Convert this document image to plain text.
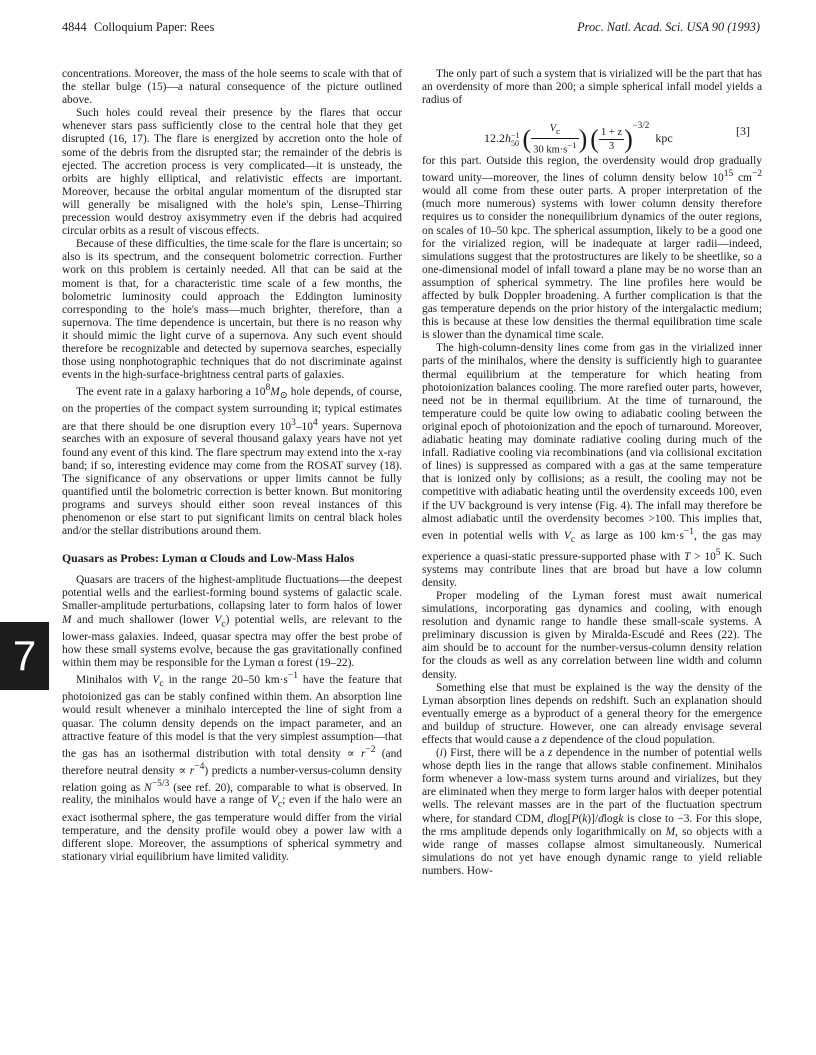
4844 Colloquium Paper: Rees	Proc. Natl. Acad. Sci. USA 90 (1993)
7

concentrations. Moreover, the mass of the hole seems to scale with that of the stellar bulge (15)—a natural consequence of the picture outlined above.

Such holes could reveal their presence by the flares that occur whenever stars pass sufficiently close to the central hole that they get disrupted (16, 17). The flare is energized by accretion onto the hole of some of the debris from the disrupted star; the remainder of the debris is ejected. The accretion process is very complicated—it is unsteady, the orbits are highly elliptical, and relativistic effects are important. Moreover, because the orbital angular momentum of the disrupted star will generally be misaligned with the hole's spin, Lense–Thirring precession would destroy axisymmetry even if the debris had acquired circular orbits as a result of viscous effects.

Because of these difficulties, the time scale for the flare is uncertain; so also is its spectrum, and the consequent bolometric correction. Further work on this problem is certainly needed. All that can be said at the moment is that, for a characteristic time scale of a few months, the bolometric luminosity could approach the Eddington luminosity corresponding to the hole's mass—much brighter, therefore, than a supernova. The time dependence is uncertain, but there is no reason why it should mimic the light curve of a supernova. Any such event should therefore be recognizable and detected by supernova searches, especially those using nonphotographic techniques that do not discriminate against events in the high-surface-brightness central parts of galaxies.

The event rate in a galaxy harboring a $10^8M_⊙$ hole depends, of course, on the properties of the compact system surrounding it; typical estimates are that there should be one disruption every $10^3-10^4$ years. Supernova searches with an exposure of several thousand galaxy years have not yet found any event of this kind. The flare spectrum may extend into the x-ray band; if so, interesting evidence may come from the ROSAT survey (18). The significance of any observations or upper limits cannot be fully quantified until the bolometric correction is better known. But monitoring programs and surveys should either soon reveal instances of this phenomenon or else start to put significant limits on central black holes and/or the stellar distributions around them.

Quasars as Probes: Lyman α Clouds and Low-Mass Halos

Quasars are tracers of the highest-amplitude fluctuations—the deepest potential wells and the earliest-forming bound systems of galactic scale. Smaller-amplitude perturbations, collapsing later to form halos of lower M and much shallower (lower $V_c$) potential wells, are relevant to the lower-mass galaxies. Indeed, quasar spectra may offer the best probe of how these small systems evolve, because the gas gravitationally confined within them may be responsible for the Lyman α forest (19–22).

Minihalos with $V_c$ in the range 20–50 $km\cdot s^{-1}$ have the feature that photoionized gas can be stably confined within them. An absorption line would result whenever a minihalo intercepted the line of sight from a quasar. The column density depends on the impact parameter, and an attractive feature of this model is that the very simplest assumption—that the gas has an isothermal distribution with total density ∝ $r^{-2}$ (and therefore neutral density ∝ $r^{-4}$) predicts a number-versus-column density relation going as $N^{-5/3}$ (see ref. 20), comparable to what is observed. In reality, the minihalos would have a range of $V_c$; even if the halo were an exact isothermal sphere, the gas temperature would differ from the virial temperature, and the density profile would obey a power law with a different slope. Moreover, the assumptions of spherical symmetry and stationary virial equilibrium have limited validity.

The only part of such a system that is virialized will be the part that has an overdensity of more than 200; a simple spherical infall model yields a radius of

12.2h −1
50 ( $\frac{V_c}{30 km\cdot s^{-1}}$ ) ( $\frac{1 + z}{3} )^{-3/2}$  kpc	[3]

for this part. Outside this region, the overdensity would drop gradually toward unity—moreover, the lines of column density below $10^{15}$ $cm^{-2}$ would all come from these outer parts. A proper interpretation of the (much more numerous) systems with lower column density therefore requires us to consider the nonequilibrium dynamics of the outer regions, on scales of 10–50 kpc. The spherical assumption, likely to be a good one for the virialized region, will be inadequate at larger radii—indeed, simulations suggest that the protostructures are likely to be sheetlike, so a one-dimensional model of infall toward a plane may be no worse than an assumption of spherical symmetry. The line profiles here would be affected by bulk Doppler broadening. A further complication is that the gas temperature depends on the prior history of the intergalactic medium; this is because at these low densities the thermal equilibration time scale is slower than the dynamical time scale.

The high-column-density lines come from gas in the virialized inner parts of the minihalos, where the density is sufficiently high to guarantee thermal equilibrium at the temperature for which heating from photoionization balances cooling. The more rarefied outer parts, however, need not be in thermal equilibrium. At the time of turnaround, the temperature could be quite low owing to adiabatic cooling between the original epoch of photoionization and the epoch of turnaround. Moreover, adiabatic heating may dominate radiative cooling during much of the infall. Radiative cooling via recombinations (and via collisional excitation of lines) is suppressed as compared with a gas at the same temperature that is ionized only by collisions; as a result, the cooling may not be competitive with adiabatic heating until the overdensity exceeds 100, even if the UV background is very intense (Fig. 4). The infall may therefore be almost adiabatic until the overdensity becomes >100. This implies that, even in potential wells with $V_c$ as large as 100 $km\cdot s^{-1}$, the gas may experience a quasi-static pressure-supported phase with $T > 10^5$ K. Such systems may contribute lines that are broad but have a low column density.

Proper modeling of the Lyman forest must await numerical simulations, incorporating gas dynamics and cooling, with enough resolution and dynamic range to handle these small-scale systems. A preliminary discussion is given by Miralda-Escudé and Rees (22). The aim should be to account for the number-versus-column density relation for the clouds as well as any correlation between line width and column density.

Something else that must be explained is the way the density of the Lyman absorption lines depends on redshift. Such an explanation should eventually emerge as a byproduct of a general theory for the emergence and buildup of structure. However, one can already envisage several effects that would cause a z dependence of the cloud population.

(i) First, there will be a z dependence in the number of potential wells whose depth lies in the range that allows stable confinement. Minihalos form whenever a low-mass system turns around and virializes, but they are eliminated when they merge to form larger halos with deeper potential wells. The relevant masses are in the part of the fluctuation spectrum where, for standard CDM, dlog[P(k)]/dlogk is close to −3. For this slope, the rms amplitude depends only logarithmically on M, so objects with a wide range of masses collapse almost simultaneously. Numerical simulations do not yet have enough dynamic range to yield reliable numbers. How-
